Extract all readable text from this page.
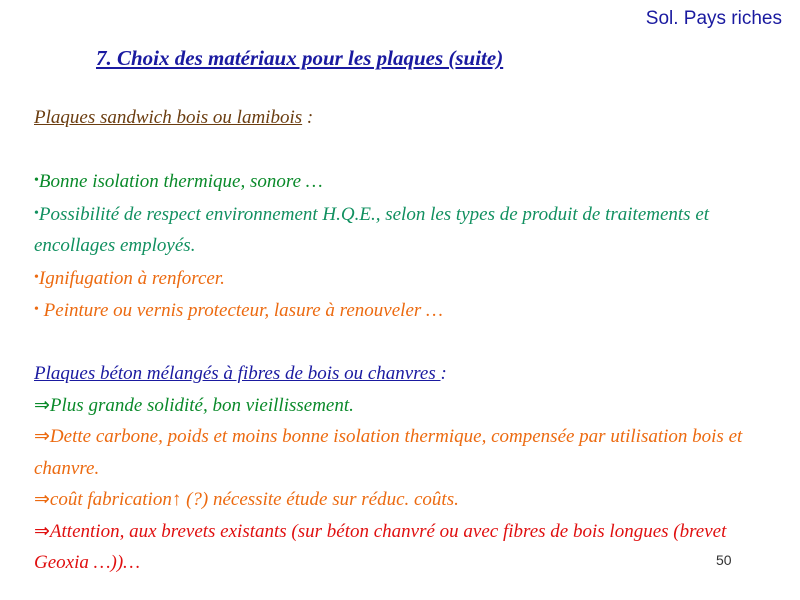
Sol. Pays riches
7. Choix des matériaux pour les plaques (suite)
Plaques sandwich bois ou lamibois :
•Bonne isolation thermique, sonore …
•Possibilité de respect environnement H.Q.E., selon les types de produit de traitements et encollages employés.
•Ignifugation à renforcer.
• Peinture ou vernis protecteur, lasure à renouveler …
Plaques béton mélangés à fibres de bois ou chanvres :
⇒Plus grande solidité, bon vieillissement.
⇒Dette carbone, poids et moins bonne isolation thermique, compensée par utilisation bois et chanvre.
⇒coût fabrication↑ (?) nécessite étude sur réduc. coûts.
⇒Attention, aux brevets existants (sur béton chanvré ou avec fibres de bois longues (brevet Geoxia …))…	50
